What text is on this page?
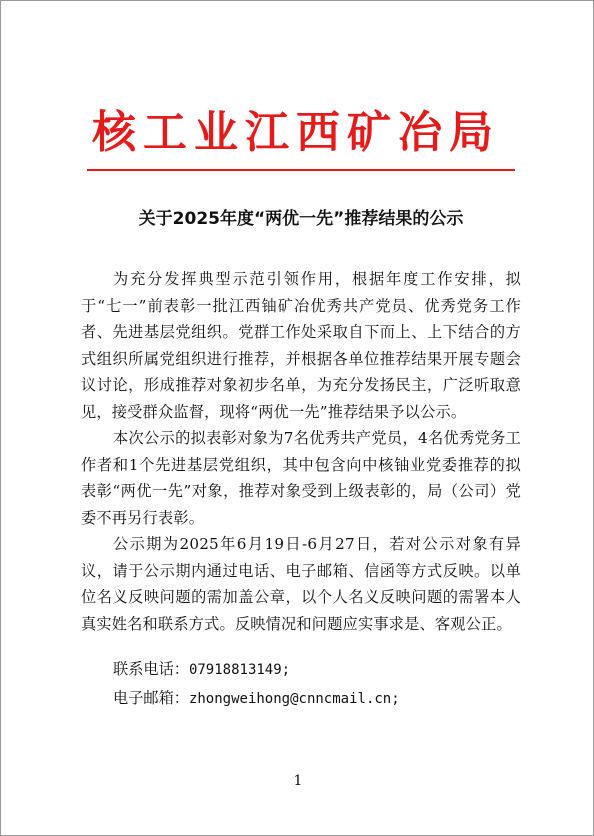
核工业江西矿冶局
关于2025年度“两优一先”推荐结果的公示

为充分发挥典型示范引领作用，根据年度工作安排，拟于“七一”前表彰一批江西铀矿冶优秀共产党员、优秀党务工作者、先进基层党组织。党群工作处采取自下而上、上下结合的方式组织所属党组织进行推荐，并根据各单位推荐结果开展专题会议讨论，形成推荐对象初步名单，为充分发扬民主，广泛听取意见，接受群众监督，现将“两优一先”推荐结果予以公示。

本次公示的拟表彰对象为7名优秀共产党员，4名优秀党务工作者和1个先进基层党组织，其中包含向中核铀业党委推荐的拟表彰“两优一先”对象，推荐对象受到上级表彰的，局（公司）党委不再另行表彰。

公示期为2025年6月19日-6月27日，若对公示对象有异议，请于公示期内通过电话、电子邮箱、信函等方式反映。以单位名义反映问题的需加盖公章，以个人名义反映问题的需署本人真实姓名和联系方式。反映情况和问题应实事求是、客观公正。

联系电话：07918813149;
电子邮箱：zhongweihong@cnncmail.cn;
1
